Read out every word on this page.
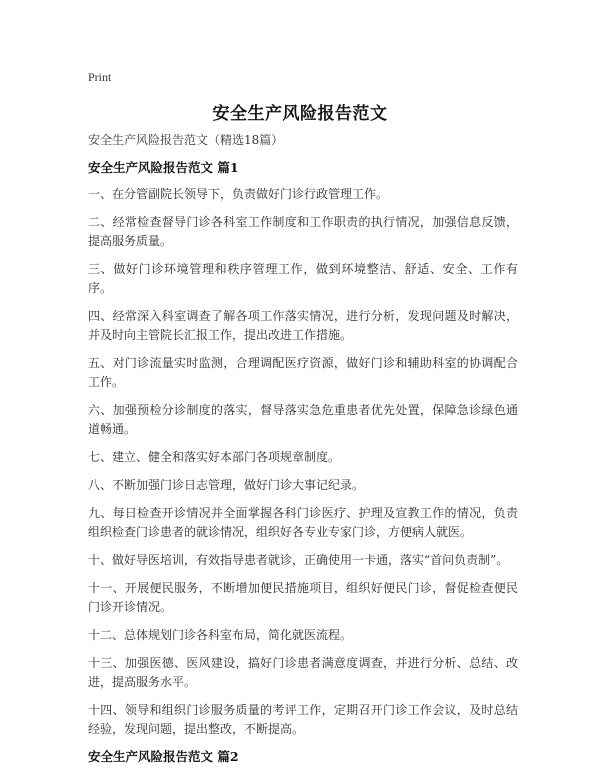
Print
安全生产风险报告范文
安全生产风险报告范文（精选18篇）
安全生产风险报告范文 篇1

一、在分管副院长领导下，负责做好门诊行政管理工作。

二、经常检查督导门诊各科室工作制度和工作职责的执行情况，加强信息反馈，提高服务质量。

三、做好门诊环境管理和秩序管理工作，做到环境整洁、舒适、安全、工作有序。

四、经常深入科室调查了解各项工作落实情况，进行分析，发现问题及时解决，并及时向主管院长汇报工作，提出改进工作措施。

五、对门诊流量实时监测，合理调配医疗资源，做好门诊和辅助科室的协调配合工作。

六、加强预检分诊制度的落实，督导落实急危重患者优先处置，保障急诊绿色通道畅通。

七、建立、健全和落实好本部门各项规章制度。

八、不断加强门诊日志管理，做好门诊大事记纪录。

九、每日检查开诊情况并全面掌握各科门诊医疗、护理及宣教工作的情况，负责组织检查门诊患者的就诊情况，组织好各专业专家门诊，方便病人就医。

十、做好导医培训，有效指导患者就诊，正确使用一卡通，落实“首问负责制”。

十一、开展便民服务，不断增加便民措施项目，组织好便民门诊，督促检查便民门诊开诊情况。

十二、总体规划门诊各科室布局，简化就医流程。

十三、加强医德、医风建设，搞好门诊患者满意度调查，并进行分析、总结、改进，提高服务水平。

十四、领导和组织门诊服务质量的考评工作，定期召开门诊工作会议，及时总结经验，发现问题，提出整改，不断提高。

安全生产风险报告范文 篇2
